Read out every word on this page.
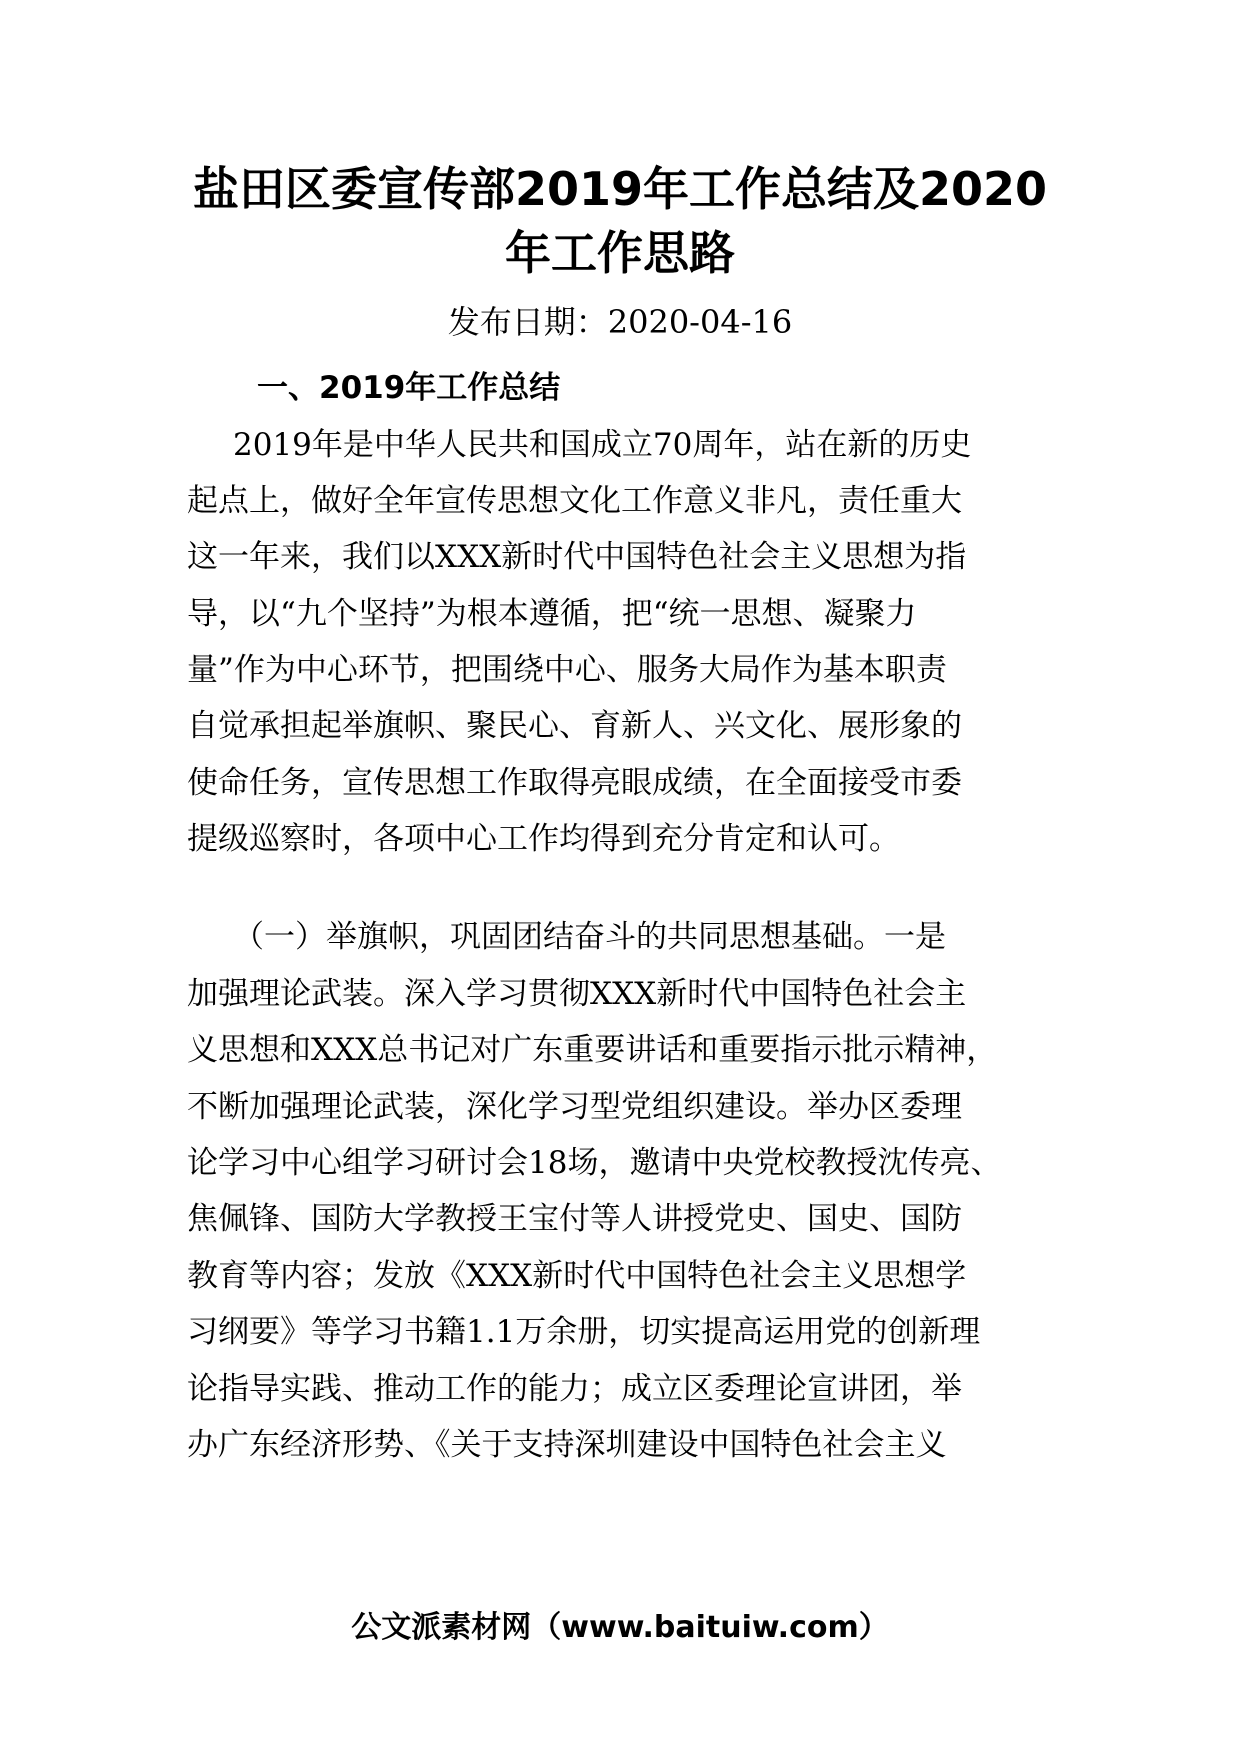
盐田区委宣传部2019年工作总结及2020
年工作思路
发布日期：2020-04-16
一、2019年工作总结
2019年是中华人民共和国成立70周年，站在新的历史
起点上，做好全年宣传思想文化工作意义非凡，责任重大
这一年来，我们以XXX新时代中国特色社会主义思想为指
导，以“九个坚持”为根本遵循，把“统一思想、凝聚力
量”作为中心环节，把围绕中心、服务大局作为基本职责
自觉承担起举旗帜、聚民心、育新人、兴文化、展形象的
使命任务，宣传思想工作取得亮眼成绩，在全面接受市委
提级巡察时，各项中心工作均得到充分肯定和认可。
（一）举旗帜，巩固团结奋斗的共同思想基础。一是
加强理论武装。深入学习贯彻XXX新时代中国特色社会主
义思想和XXX总书记对广东重要讲话和重要指示批示精神，
不断加强理论武装，深化学习型党组织建设。举办区委理
论学习中心组学习研讨会18场，邀请中央党校教授沈传亮、
焦佩锋、国防大学教授王宝付等人讲授党史、国史、国防
教育等内容；发放《XXX新时代中国特色社会主义思想学
习纲要》等学习书籍1.1万余册，切实提高运用党的创新理
论指导实践、推动工作的能力；成立区委理论宣讲团，举
办广东经济形势、《关于支持深圳建设中国特色社会主义
公文派素材网（www.baituiw.com）
